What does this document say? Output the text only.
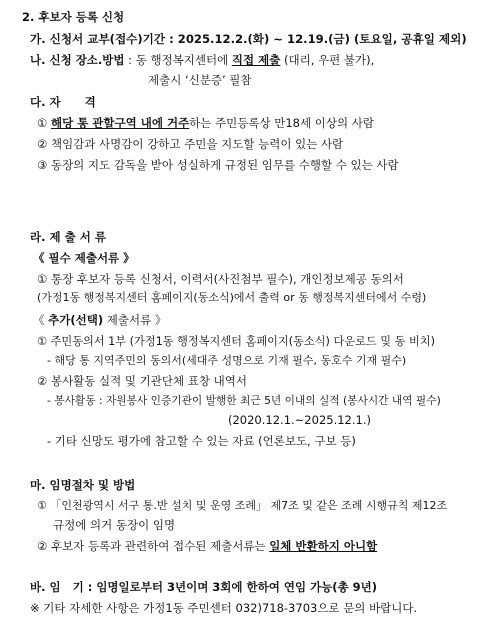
2. 후보자 등록 신청
가. 신청서 교부(접수)기간 : 2025.12.2.(화) ~ 12.19.(금) (토요일, 공휴일 제외)
나. 신청 장소.방법 : 동 행정복지센터에 직접 제출 (대리, 우편 불가),
제출시 ‘신분증’ 필참
다. 자      격
① 해당 통 관할구역 내에 거주하는 주민등록상 만18세 이상의 사람
② 책임감과 사명감이 강하고 주민을 지도할 능력이 있는 사람
③ 동장의 지도 감독을 받아 성실하게 규정된 임무를 수행할 수 있는 사람
라. 제 출 서 류
《 필수 제출서류 》
① 통장 후보자 등록 신청서, 이력서(사진첨부 필수), 개인정보제공 동의서
(가정1동 행정복지센터 홈페이지(동소식)에서 출력 or 동 행정복지센터에서 수령)
《 추가(선택) 제출서류 》
① 주민동의서 1부 (가정1동 행정복지센터 홈페이지(동소식) 다운로드 및 동 비치)
- 해당 통 지역주민의 동의서(세대주 성명으로 기재 필수, 동호수 기재 필수)
② 봉사활동 실적 및 기관단체 표창 내역서
- 봉사활동 : 자원봉사 인증기관이 발행한 최근 5년 이내의 실적 (봉사시간 내역 필수)
(2020.12.1.~2025.12.1.)
- 기타 신망도 평가에 참고할 수 있는 자료 (언론보도, 구보 등)
마. 임명절차 및 방법
① 「인천광역시 서구 통․반 설치 및 운영 조례」 제7조 및 같은 조례 시행규칙 제12조
규정에 의거 동장이 임명
② 후보자 등록과 관련하여 접수된 제출서류는 일체 반환하지 아니함
바. 임   기 : 임명일로부터 3년이며 3회에 한하여 연임 가능(총 9년)
※ 기타 자세한 사항은 가정1동 주민센터 032)718-3703으로 문의 바랍니다.
